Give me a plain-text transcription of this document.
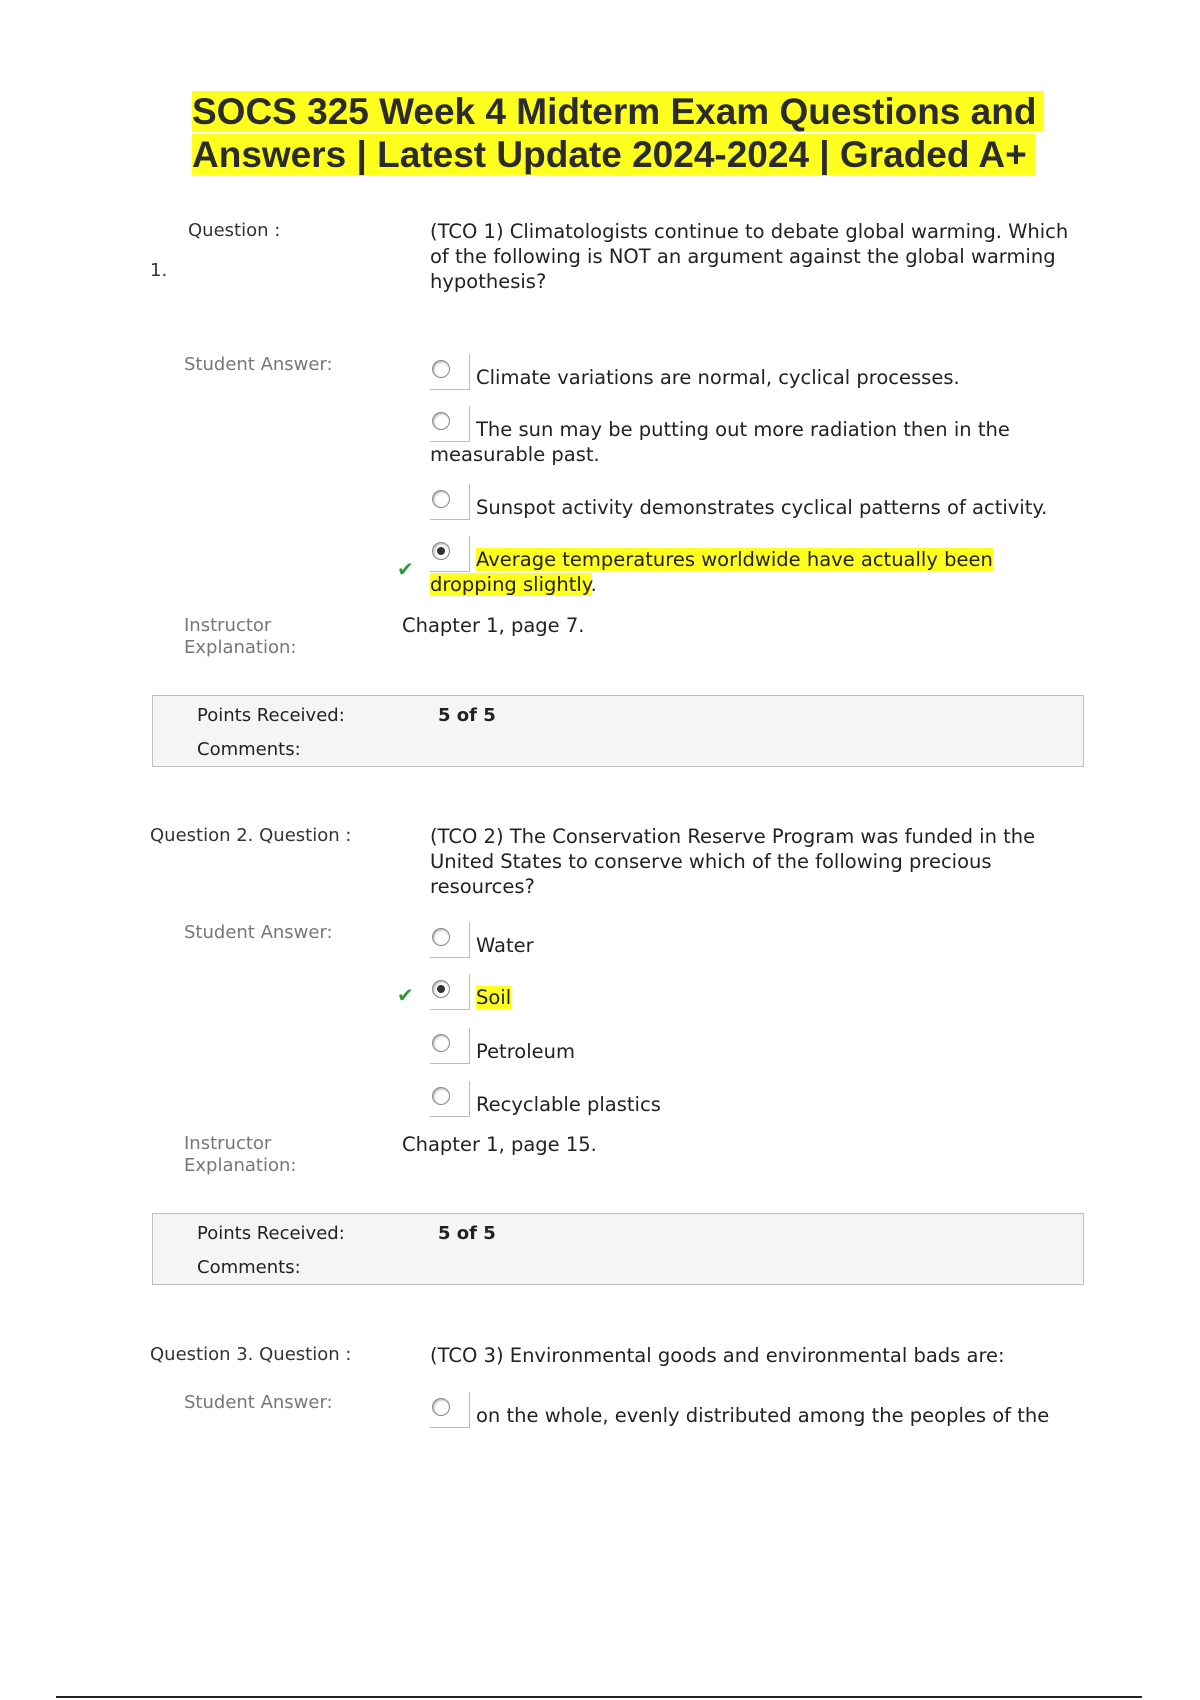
SOCS 325 Week 4 Midterm Exam Questions and
Answers | Latest Update 2024-2024 | Graded A+
Question :
1.
(TCO 1) Climatologists continue to debate global warming. Which of the following is NOT an argument against the global warming hypothesis?
Student Answer:
Climate variations are normal, cyclical processes.
The sun may be putting out more radiation then in the measurable past.
Sunspot activity demonstrates cyclical patterns of activity.
✔	Average temperatures worldwide have actually been dropping slightly.
Instructor
Explanation:
Chapter 1, page 7.
Points Received:	5 of 5
Comments:
Question 2. Question :	(TCO 2) The Conservation Reserve Program was funded in the United States to conserve which of the following precious resources?
Student Answer:
Water
✔	Soil
Petroleum
Recyclable plastics
Instructor
Explanation:
Chapter 1, page 15.
Points Received:	5 of 5
Comments:
Question 3. Question :	(TCO 3) Environmental goods and environmental bads are:
Student Answer:
on the whole, evenly distributed among the peoples of the
